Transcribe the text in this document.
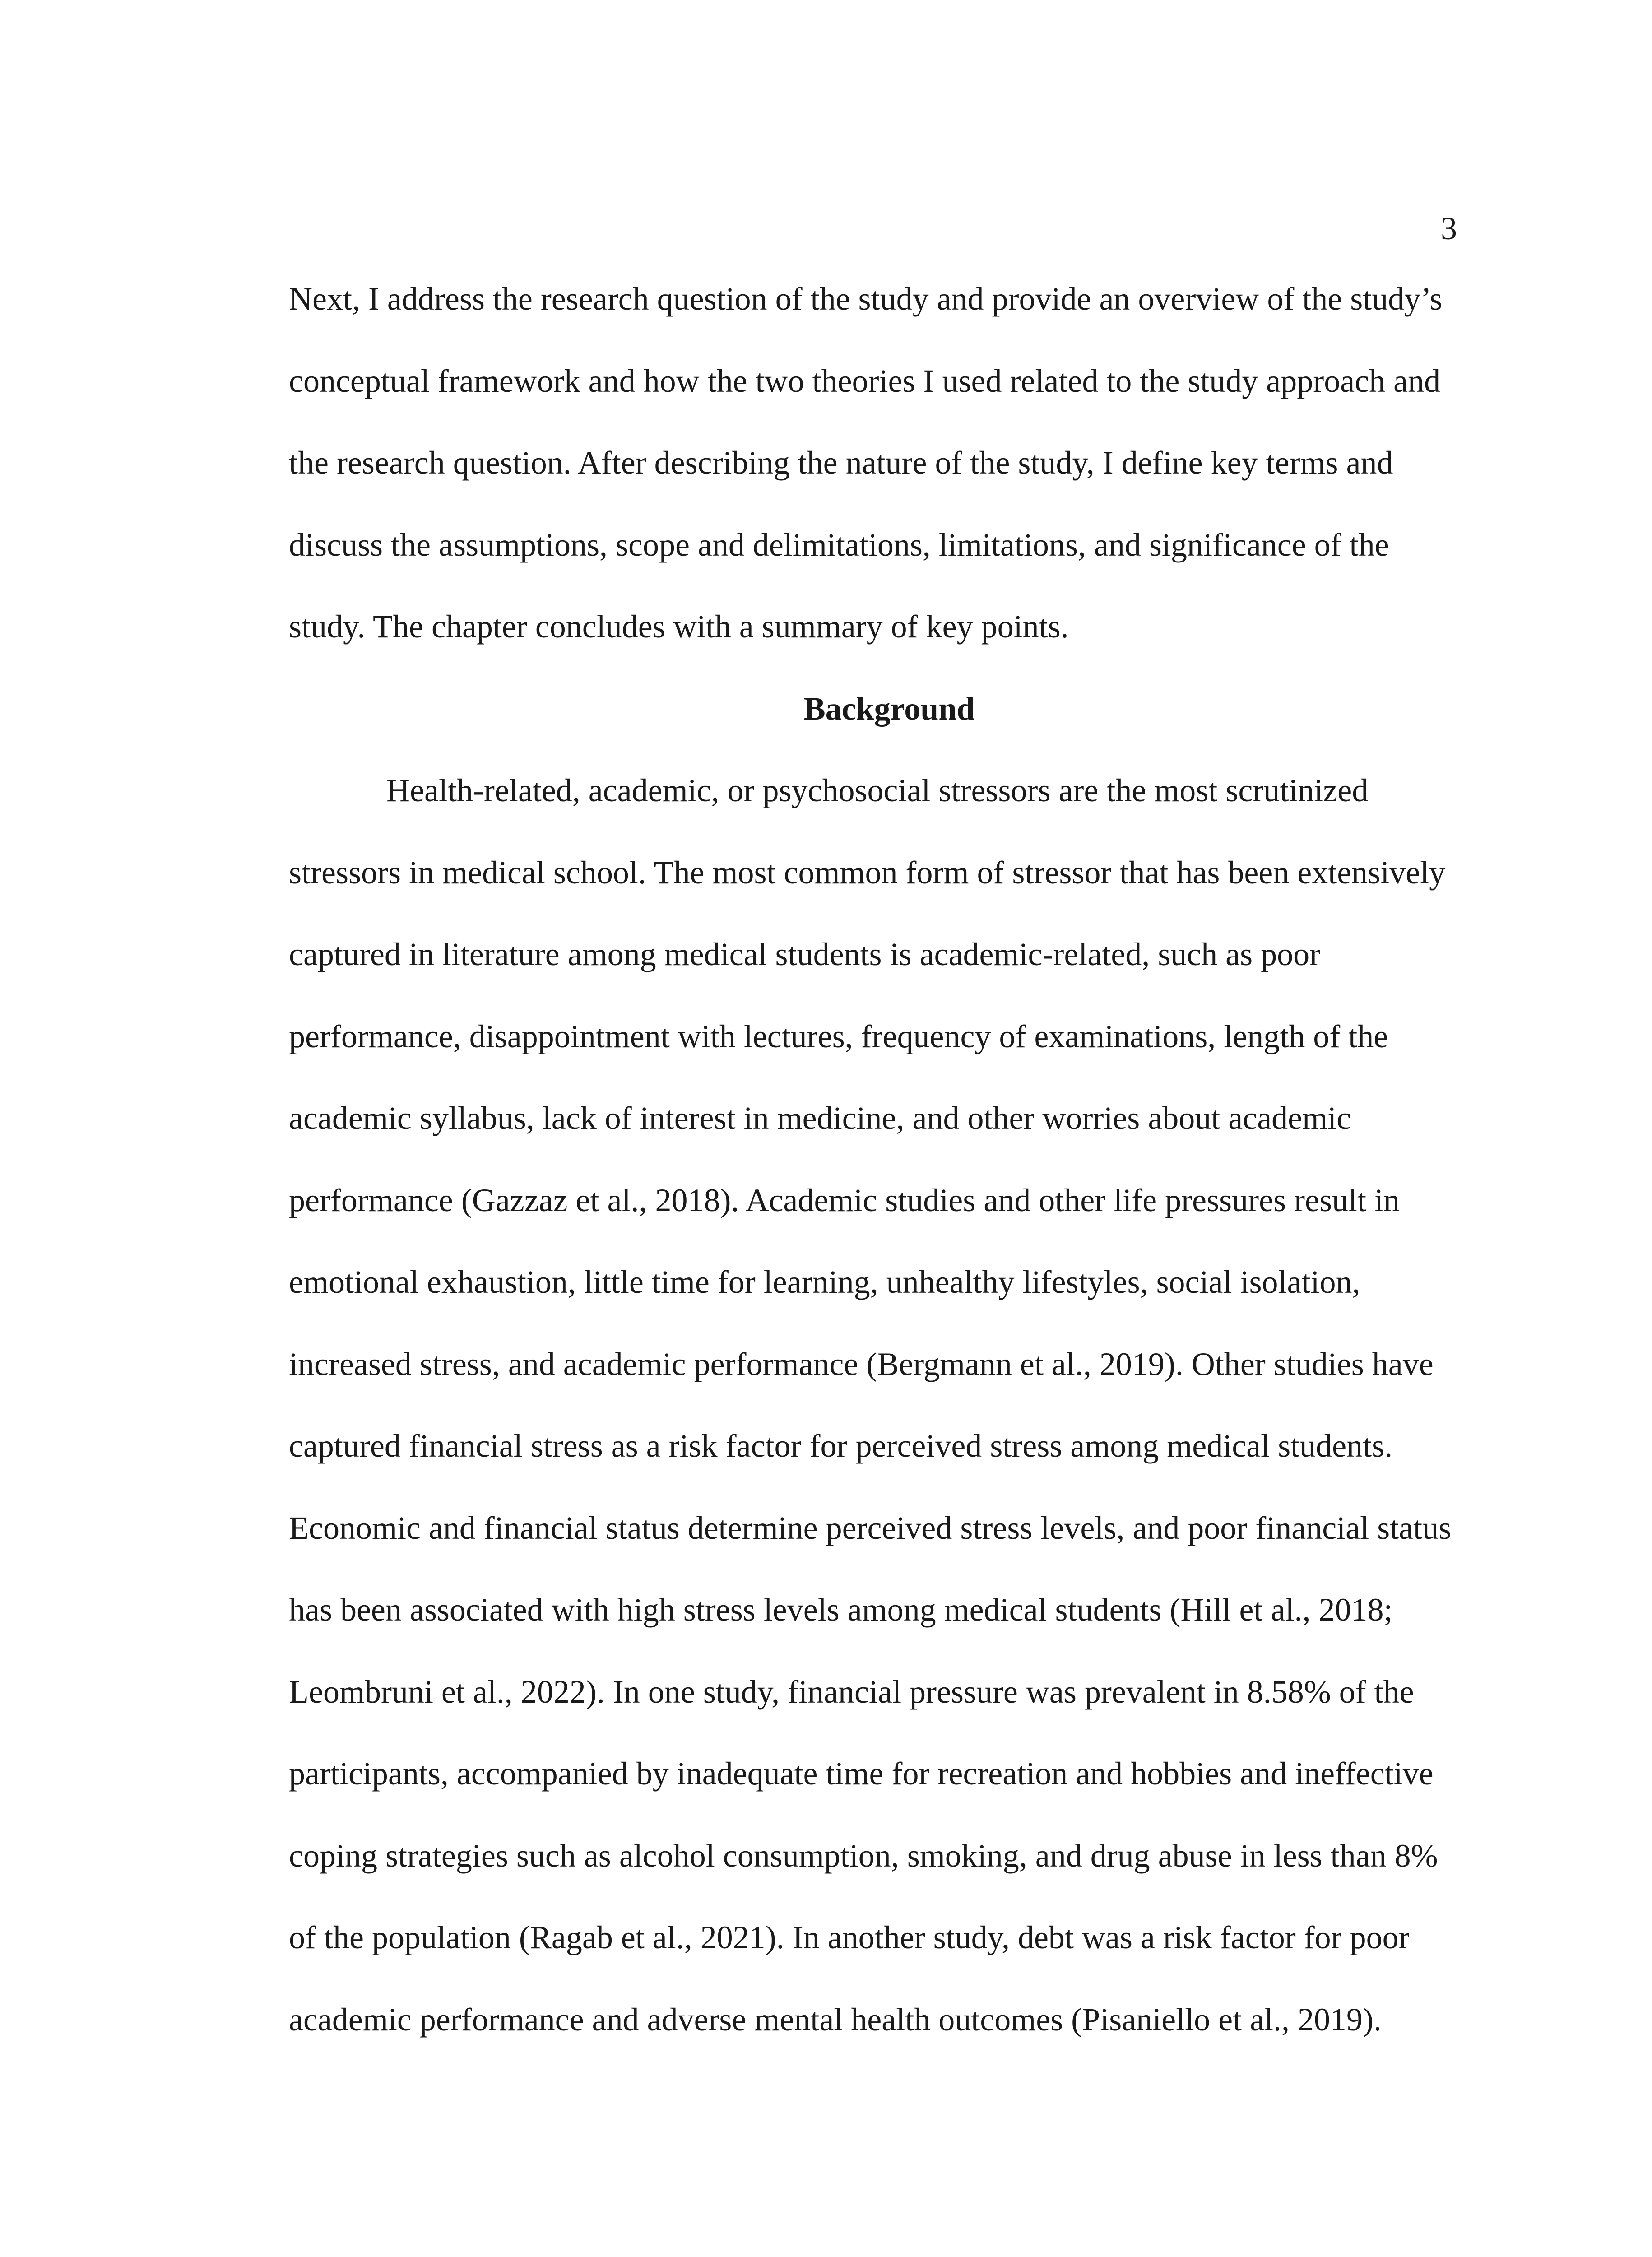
3
Next, I address the research question of the study and provide an overview of the study’s
conceptual framework and how the two theories I used related to the study approach and
the research question. After describing the nature of the study, I define key terms and
discuss the assumptions, scope and delimitations, limitations, and significance of the
study. The chapter concludes with a summary of key points.
Background
Health-related, academic, or psychosocial stressors are the most scrutinized
stressors in medical school. The most common form of stressor that has been extensively
captured in literature among medical students is academic-related, such as poor
performance, disappointment with lectures, frequency of examinations, length of the
academic syllabus, lack of interest in medicine, and other worries about academic
performance (Gazzaz et al., 2018). Academic studies and other life pressures result in
emotional exhaustion, little time for learning, unhealthy lifestyles, social isolation,
increased stress, and academic performance (Bergmann et al., 2019). Other studies have
captured financial stress as a risk factor for perceived stress among medical students.
Economic and financial status determine perceived stress levels, and poor financial status
has been associated with high stress levels among medical students (Hill et al., 2018;
Leombruni et al., 2022). In one study, financial pressure was prevalent in 8.58% of the
participants, accompanied by inadequate time for recreation and hobbies and ineffective
coping strategies such as alcohol consumption, smoking, and drug abuse in less than 8%
of the population (Ragab et al., 2021). In another study, debt was a risk factor for poor
academic performance and adverse mental health outcomes (Pisaniello et al., 2019).
